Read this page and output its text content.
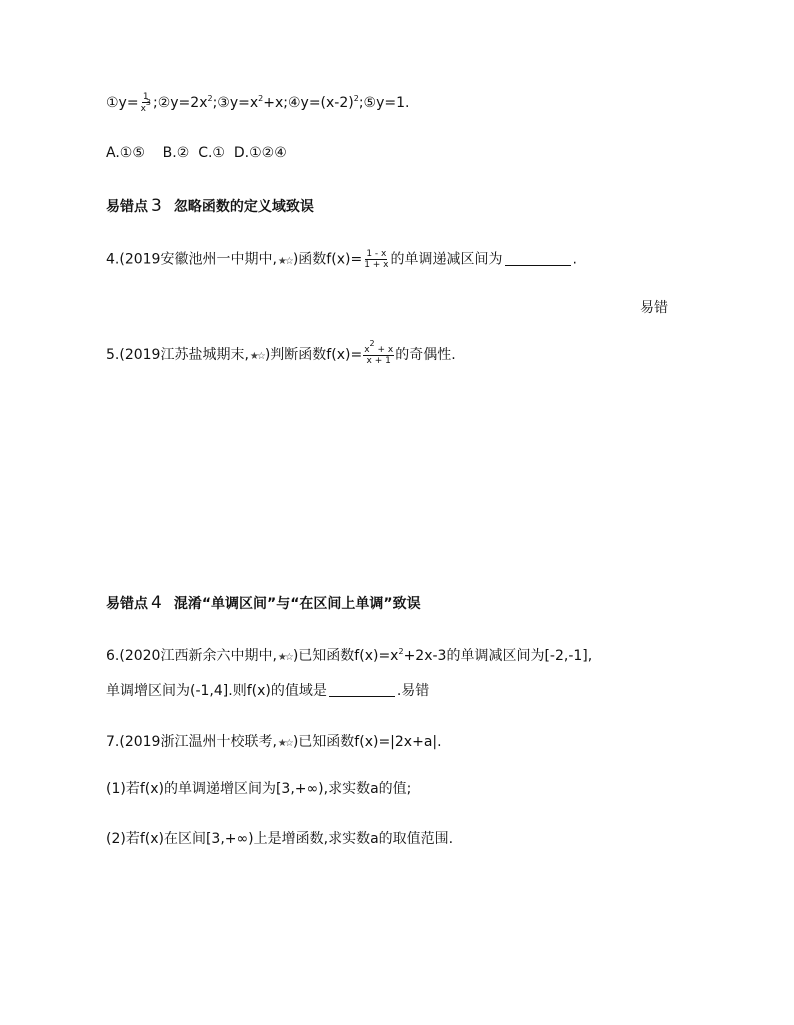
①y= $\frac{1}{x^3}$ $;②y=2x^2;③y=x^2+x;④y=(x-2)^2;⑤y=1$.
A.①⑤    B.②  C.①  D.①②④
易错点 3 忽略函数的定义域致误
4.(2019安徽池州一中期中,★☆)函数$f(x)= \frac{1 - x}{1 + x}$ 的单调递减区间为	.
易错
5.(2019江苏盐城期末,★☆)判断函数$f(x)= \frac{x^2 + x}{x + 1}$ 的奇偶性.
易错点 4 混淆“单调区间”与“在区间上单调”致误
6.(2020江西新余六中期中,★☆)已知函数$f(x)=x^2+2x-3$的单调减区间为[-2,-1],
单调增区间为(-1,4].则f(x)的值域是	.易错
7.(2019浙江温州十校联考,★☆)已知函数f(x)=|2x+a|.
(1)若f(x)的单调递增区间为[3,+∞),求实数a的值;
(2)若f(x)在区间[3,+∞)上是增函数,求实数a的取值范围.
